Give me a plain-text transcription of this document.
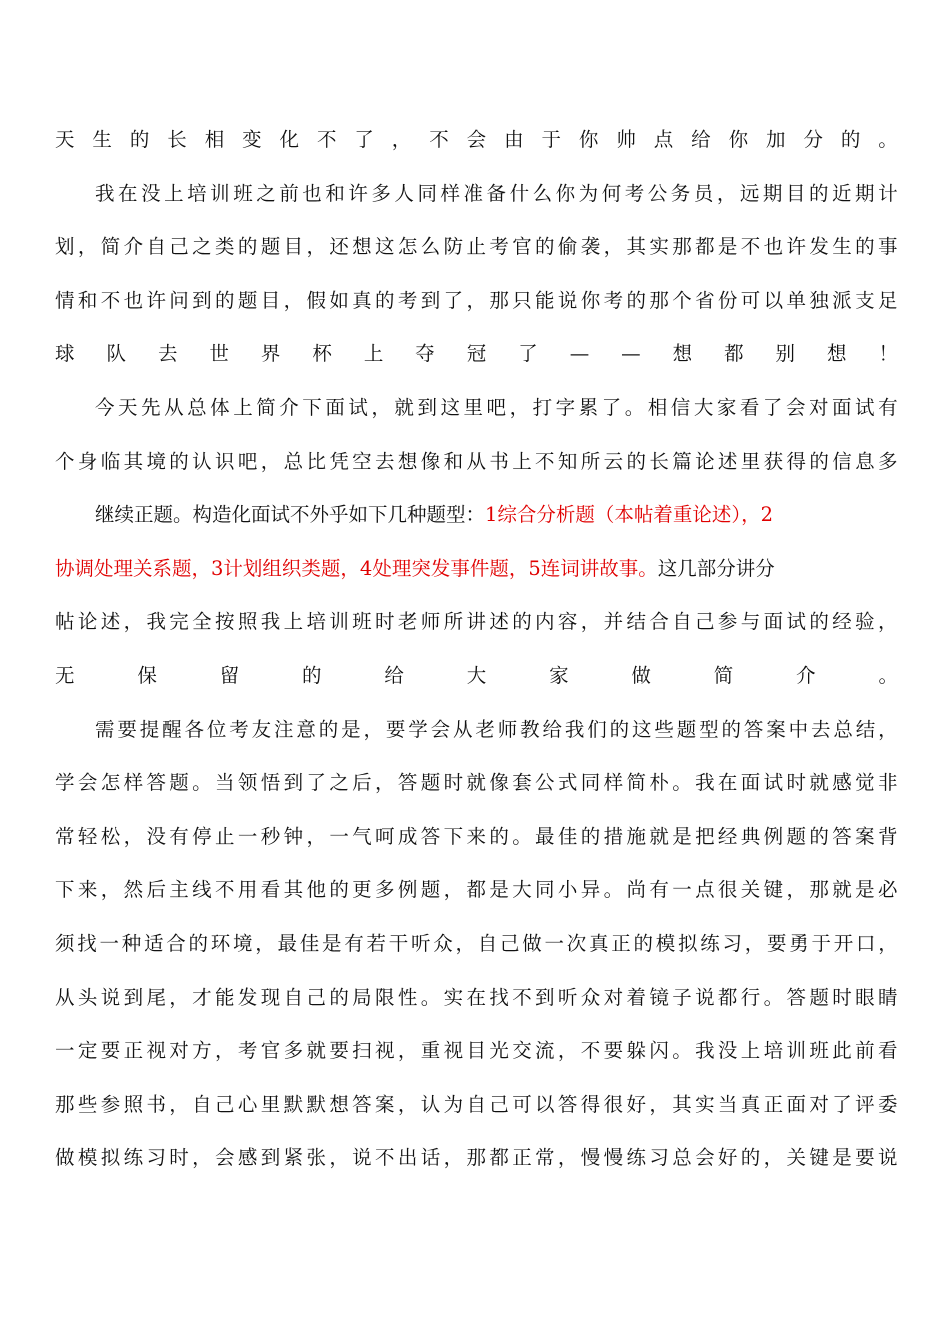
天 生 的 长 相 变 化 不 了 ， 不 会 由 于 你 帅 点 给 你 加 分 的 。
我 在 没 上 培 训 班 之 前 也 和 许 多 人 同 样 准 备 什 么 你 为 何 考 公 务 员 ， 远 期 目 的 近 期 计
划 ， 简 介 自 己 之 类 的 题 目 ， 还 想 这 怎 么 防 止 考 官 的 偷 袭 ， 其 实 那 都 是 不 也 许 发 生 的 事
情 和 不 也 许 问 到 的 题 目 ， 假 如 真 的 考 到 了 ， 那 只 能 说 你 考 的 那 个 省 份 可 以 单 独 派 支 足
球 队 去 世 界 杯 上 夺 冠 了 — — 想 都 别 想 ！
今 天 先 从 总 体 上 简 介 下 面 试 ， 就 到 这 里 吧 ， 打 字 累 了 。 相 信 大 家 看 了 会 对 面 试 有
个 身 临 其 境 的 认 识 吧 ， 总 比 凭 空 去 想 像 和 从 书 上 不 知 所 云 的 长 篇 论 述 里 获 得 的 信 息 多
继续正题。构造化面试不外乎如下几种题型：1综合分析题（本帖着重论述），2
协调处理关系题，3计划组织类题，4处理突发事件题，5连词讲故事。这几部分讲分
帖 论 述 ， 我 完 全 按 照 我 上 培 训 班 时 老 师 所 讲 述 的 内 容 ， 并 结 合 自 己 参 与 面 试 的 经 验 ，
无	保	留	的	给	大	家	做	简	介	。
需 要 提 醒 各 位 考 友 注 意 的 是 ， 要 学 会 从 老 师 教 给 我 们 的 这 些 题 型 的 答 案 中 去 总 结 ，
学 会 怎 样 答 题 。 当 领 悟 到 了 之 后 ， 答 题 时 就 像 套 公 式 同 样 简 朴 。 我 在 面 试 时 就 感 觉 非
常 轻 松 ， 没 有 停 止 一 秒 钟 ， 一 气 呵 成 答 下 来 的 。 最 佳 的 措 施 就 是 把 经 典 例 题 的 答 案 背
下 来 ， 然 后 主 线 不 用 看 其 他 的 更 多 例 题 ， 都 是 大 同 小 异 。 尚 有 一 点 很 关 键 ， 那 就 是 必
须 找 一 种 适 合 的 环 境 ， 最 佳 是 有 若 干 听 众 ， 自 己 做 一 次 真 正 的 模 拟 练 习 ， 要 勇 于 开 口 ，
从 头 说 到 尾 ， 才 能 发 现 自 己 的 局 限 性 。 实 在 找 不 到 听 众 对 着 镜 子 说 都 行 。 答 题 时 眼 睛
一 定 要 正 视 对 方 ， 考 官 多 就 要 扫 视 ， 重 视 目 光 交 流 ， 不 要 躲 闪 。 我 没 上 培 训 班 此 前 看
那 些 参 照 书 ， 自 己 心 里 默 默 想 答 案 ， 认 为 自 己 可 以 答 得 很 好 ， 其 实 当 真 正 面 对 了 评 委
做 模 拟 练 习 时 ， 会 感 到 紧 张 ， 说 不 出 话 ， 那 都 正 常 ， 慢 慢 练 习 总 会 好 的 ， 关 键 是 要 说
